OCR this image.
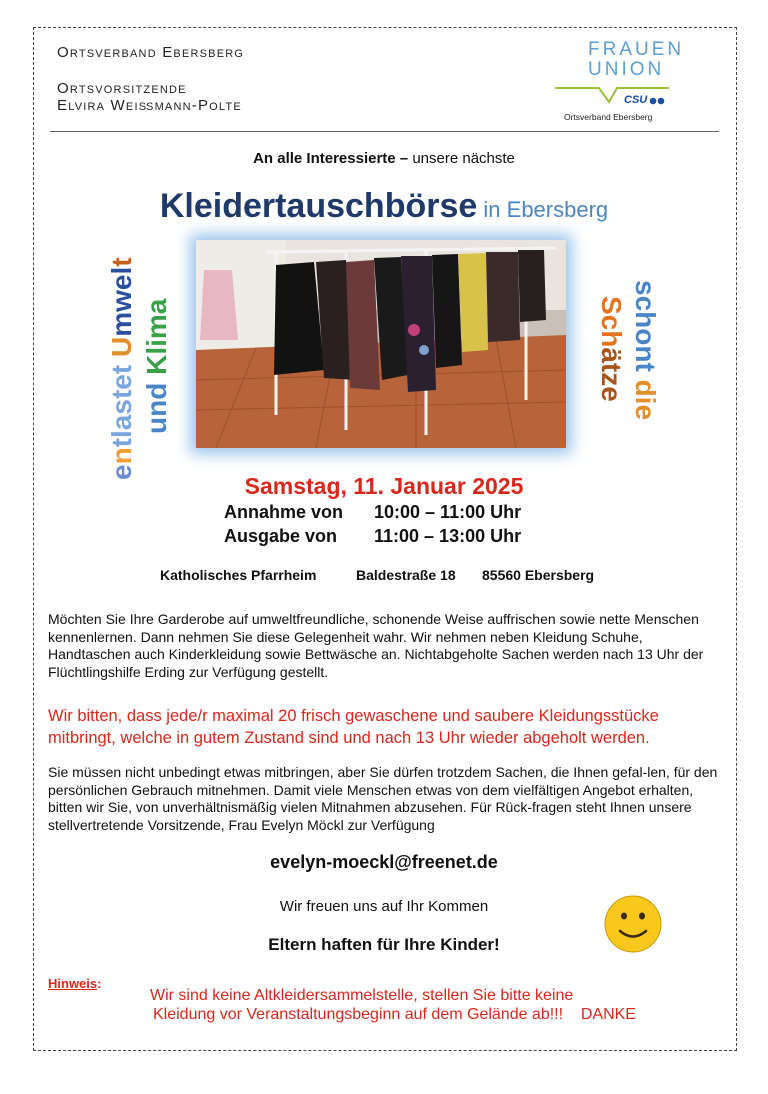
Ortsverband Ebersberg
Ortsvorsitzende
Elvira Weißmann-Polte
FRAUEN
UNION
CSU
Ortsverband Ebersberg
An alle Interessierte – unsere nächste
Kleidertauschbörse in Ebersberg
entlastet Umwelt
und Klima	schont die
Schätze
Samstag, 11. Januar 2025
Annahme von 10:00 – 11:00 Uhr
Ausgabe von 11:00 – 13:00 Uhr
Katholisches Pfarrheim	Baldestraße 18 85560 Ebersberg
Möchten Sie Ihre Garderobe auf umweltfreundliche, schonende Weise auffrischen sowie nette Menschen kennenlernen. Dann nehmen Sie diese Gelegenheit wahr. Wir nehmen neben Kleidung Schuhe, Handtaschen auch Kinderkleidung sowie Bettwäsche an. Nichtabgeholte Sachen werden nach 13 Uhr der Flüchtlingshilfe Erding zur Verfügung gestellt.
Wir bitten, dass jede/r maximal 20 frisch gewaschene und saubere Kleidungsstücke mitbringt, welche in gutem Zustand sind und nach 13 Uhr wieder abgeholt werden.
Sie müssen nicht unbedingt etwas mitbringen, aber Sie dürfen trotzdem Sachen, die Ihnen gefal-len, für den persönlichen Gebrauch mitnehmen. Damit viele Menschen etwas von dem vielfältigen Angebot erhalten, bitten wir Sie, von unverhältnismäßig vielen Mitnahmen abzusehen. Für Rück-fragen steht Ihnen unsere stellvertretende Vorsitzende, Frau Evelyn Möckl zur Verfügung
evelyn-moeckl@freenet.de
Wir freuen uns auf Ihr Kommen
Eltern haften für Ihre Kinder!
Hinweis:
Wir sind keine Altkleidersammelstelle, stellen Sie bitte keine
Kleidung vor Veranstaltungsbeginn auf dem Gelände ab!!!    DANKE
